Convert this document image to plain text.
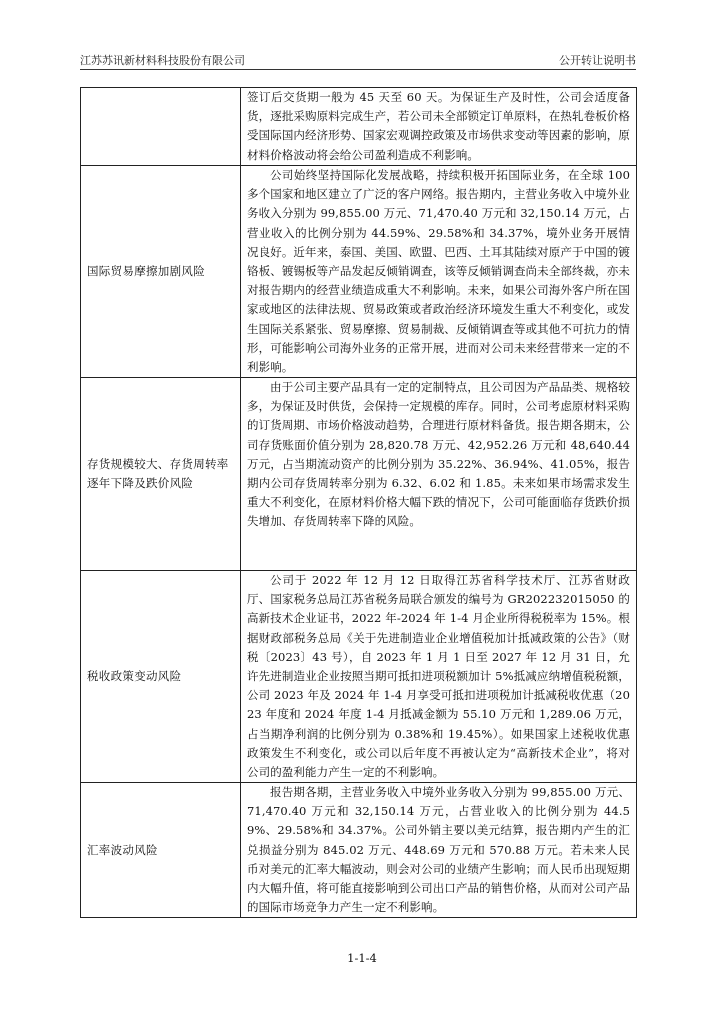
江苏苏讯新材料科技股份有限公司	公开转让说明书
签订后交货期一般为 45 天至 60 天。为保证生产及时性，公司会适度备货，逐批采购原料完成生产，若公司未全部锁定订单原料，在热轧卷板价格受国际国内经济形势、国家宏观调控政策及市场供求变动等因素的影响，原材料价格波动将会给公司盈利造成不利影响。
国际贸易摩擦加剧风险
公司始终坚持国际化发展战略，持续积极开拓国际业务，在全球 100 多个国家和地区建立了广泛的客户网络。报告期内，主营业务收入中境外业务收入分别为 99,855.00 万元、71,470.40 万元和 32,150.14 万元，占营业收入的比例分别为 44.59%、29.58%和 34.37%，境外业务开展情况良好。近年来，泰国、美国、欧盟、巴西、土耳其陆续对原产于中国的镀铬板、镀锡板等产品发起反倾销调查，该等反倾销调查尚未全部终裁，亦未对报告期内的经营业绩造成重大不利影响。未来，如果公司海外客户所在国家或地区的法律法规、贸易政策或者政治经济环境发生重大不利变化，或发生国际关系紧张、贸易摩擦、贸易制裁、反倾销调查等或其他不可抗力的情形，可能影响公司海外业务的正常开展，进而对公司未来经营带来一定的不利影响。
存货规模较大、存货周转率逐年下降及跌价风险
由于公司主要产品具有一定的定制特点，且公司因为产品品类、规格较多，为保证及时供货，会保持一定规模的库存。同时，公司考虑原材料采购的订货周期、市场价格波动趋势，合理进行原材料备货。报告期各期末，公司存货账面价值分别为 28,820.78 万元、42,952.26 万元和 48,640.44 万元，占当期流动资产的比例分别为 35.22%、36.94%、41.05%，报告期内公司存货周转率分别为 6.32、6.02 和 1.85。未来如果市场需求发生重大不利变化，在原材料价格大幅下跌的情况下，公司可能面临存货跌价损失增加、存货周转率下降的风险。
税收政策变动风险
公司于 2022 年 12 月 12 日取得江苏省科学技术厅、江苏省财政厅、国家税务总局江苏省税务局联合颁发的编号为 GR202232015050 的高新技术企业证书，2022 年-2024 年 1-4 月企业所得税税率为 15%。根据财政部税务总局《关于先进制造业企业增值税加计抵减政策的公告》（财税〔2023〕43 号），自 2023 年 1 月 1 日至 2027 年 12 月 31 日，允许先进制造业企业按照当期可抵扣进项税额加计 5%抵减应纳增值税税额，公司 2023 年及 2024 年 1-4 月享受可抵扣进项税加计抵减税收优惠（2023 年度和 2024 年度 1-4 月抵减金额为 55.10 万元和 1,289.06 万元，占当期净利润的比例分别为 0.38%和 19.45%）。如果国家上述税收优惠政策发生不利变化，或公司以后年度不再被认定为“高新技术企业”，将对公司的盈利能力产生一定的不利影响。
汇率波动风险
报告期各期，主营业务收入中境外业务收入分别为 99,855.00 万元、71,470.40 万元和 32,150.14 万元，占营业收入的比例分别为 44.59%、29.58%和 34.37%。公司外销主要以美元结算，报告期内产生的汇兑损益分别为 845.02 万元、448.69 万元和 570.88 万元。若未来人民币对美元的汇率大幅波动，则会对公司的业绩产生影响；而人民币出现短期内大幅升值，将可能直接影响到公司出口产品的销售价格，从而对公司产品的国际市场竞争力产生一定不利影响。
1-1-4
